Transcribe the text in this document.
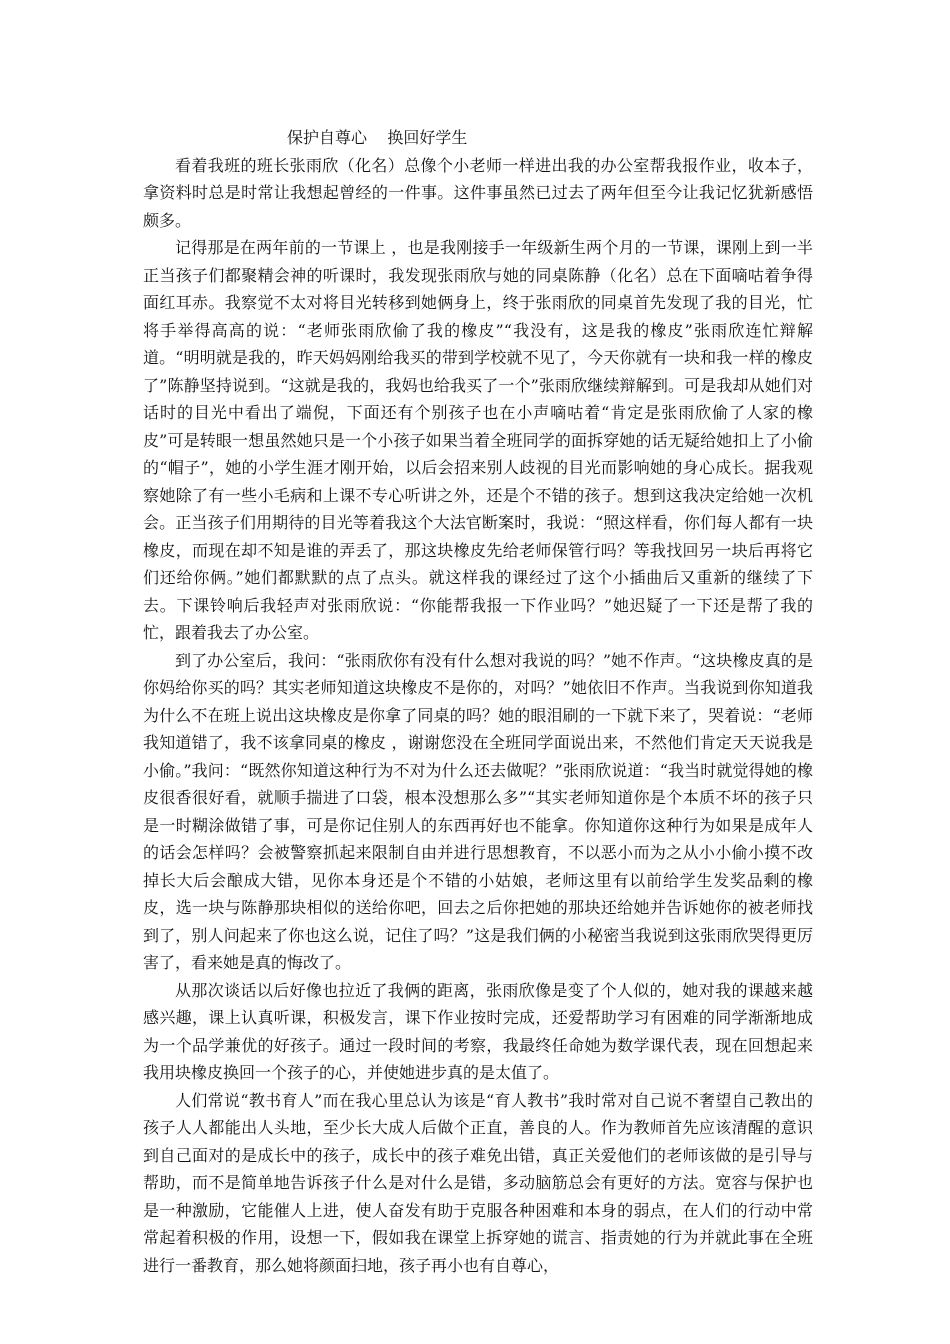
保护自尊心    换回好学生

看着我班的班长张雨欣（化名）总像个小老师一样进出我的办公室帮我报作业，收本子，拿资料时总是时常让我想起曾经的一件事。这件事虽然已过去了两年但至今让我记忆犹新感悟颇多。

记得那是在两年前的一节课上 ，也是我刚接手一年级新生两个月的一节课，课刚上到一半正当孩子们都聚精会神的听课时，我发现张雨欣与她的同桌陈静（化名）总在下面嘀咕着争得面红耳赤。我察觉不太对将目光转移到她俩身上，终于张雨欣的同桌首先发现了我的目光，忙将手举得高高的说：“老师张雨欣偷了我的橡皮”“我没有，这是我的橡皮”张雨欣连忙辩解道。“明明就是我的，昨天妈妈刚给我买的带到学校就不见了，今天你就有一块和我一样的橡皮了”陈静坚持说到。“这就是我的，我妈也给我买了一个”张雨欣继续辩解到。可是我却从她们对话时的目光中看出了端倪，下面还有个别孩子也在小声嘀咕着“肯定是张雨欣偷了人家的橡皮”可是转眼一想虽然她只是一个小孩子如果当着全班同学的面拆穿她的话无疑给她扣上了小偷的“帽子”，她的小学生涯才刚开始，以后会招来别人歧视的目光而影响她的身心成长。据我观察她除了有一些小毛病和上课不专心听讲之外，还是个不错的孩子。想到这我决定给她一次机会。正当孩子们用期待的目光等着我这个大法官断案时，我说：“照这样看，你们每人都有一块橡皮，而现在却不知是谁的弄丢了，那这块橡皮先给老师保管行吗？等我找回另一块后再将它们还给你俩。”她们都默默的点了点头。就这样我的课经过了这个小插曲后又重新的继续了下去。下课铃响后我轻声对张雨欣说：“你能帮我报一下作业吗？”她迟疑了一下还是帮了我的忙，跟着我去了办公室。

到了办公室后，我问：“张雨欣你有没有什么想对我说的吗？”她不作声。“这块橡皮真的是你妈给你买的吗？其实老师知道这块橡皮不是你的，对吗？”她依旧不作声。当我说到你知道我为什么不在班上说出这块橡皮是你拿了同桌的吗？她的眼泪刷的一下就下来了，哭着说：“老师我知道错了，我不该拿同桌的橡皮 ，谢谢您没在全班同学面说出来，不然他们肯定天天说我是小偷。”我问：“既然你知道这种行为不对为什么还去做呢？”张雨欣说道：“我当时就觉得她的橡皮很香很好看，就顺手揣进了口袋，根本没想那么多”“其实老师知道你是个本质不坏的孩子只是一时糊涂做错了事，可是你记住别人的东西再好也不能拿。你知道你这种行为如果是成年人的话会怎样吗？会被警察抓起来限制自由并进行思想教育，不以恶小而为之从小小偷小摸不改掉长大后会酿成大错，见你本身还是个不错的小姑娘，老师这里有以前给学生发奖品剩的橡皮，选一块与陈静那块相似的送给你吧，回去之后你把她的那块还给她并告诉她你的被老师找到了，别人问起来了你也这么说，记住了吗？”这是我们俩的小秘密当我说到这张雨欣哭得更厉害了，看来她是真的悔改了。

从那次谈话以后好像也拉近了我俩的距离，张雨欣像是变了个人似的，她对我的课越来越感兴趣，课上认真听课，积极发言，课下作业按时完成，还爱帮助学习有困难的同学渐渐地成为一个品学兼优的好孩子。通过一段时间的考察，我最终任命她为数学课代表，现在回想起来我用块橡皮换回一个孩子的心，并使她进步真的是太值了。

人们常说“教书育人”而在我心里总认为该是“育人教书”我时常对自己说不奢望自己教出的孩子人人都能出人头地，至少长大成人后做个正直，善良的人。作为教师首先应该清醒的意识到自己面对的是成长中的孩子，成长中的孩子难免出错，真正关爱他们的老师该做的是引导与帮助，而不是简单地告诉孩子什么是对什么是错，多动脑筋总会有更好的方法。宽容与保护也是一种激励，它能催人上进，使人奋发有助于克服各种困难和本身的弱点，在人们的行动中常常起着积极的作用，设想一下，假如我在课堂上拆穿她的谎言、指责她的行为并就此事在全班进行一番教育，那么她将颜面扫地，孩子再小也有自尊心，
